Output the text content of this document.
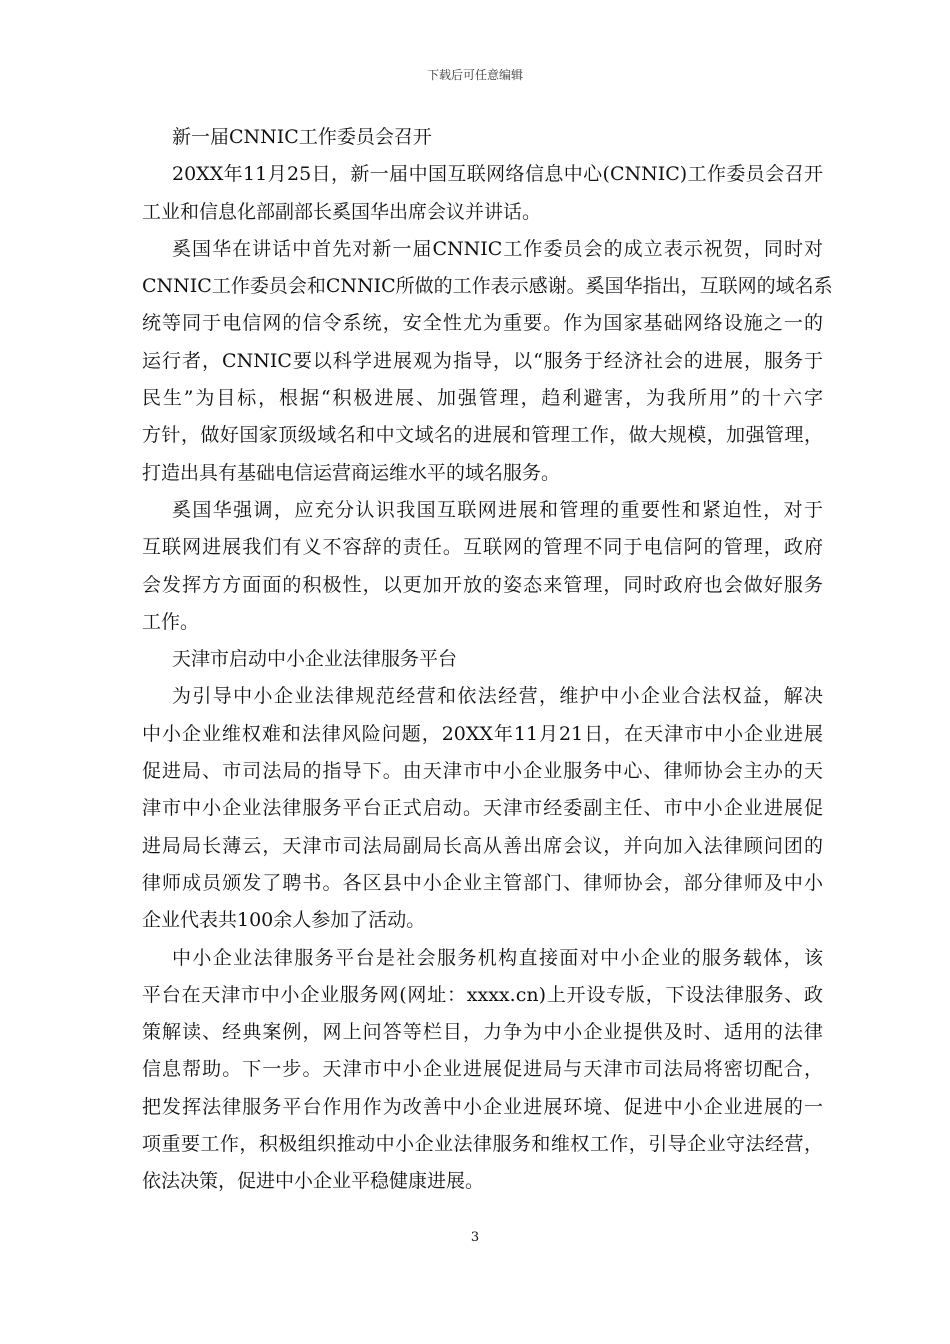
下载后可任意编辑
新一届CNNIC工作委员会召开
20XX年11月25日，新一届中国互联网络信息中心(CNNIC)工作委员会召开
工业和信息化部副部长奚国华出席会议并讲话。
奚国华在讲话中首先对新一届CNNIC工作委员会的成立表示祝贺，同时对
CNNIC工作委员会和CNNIC所做的工作表示感谢。奚国华指出，互联网的域名系
统等同于电信网的信令系统，安全性尤为重要。作为国家基础网络设施之一的
运行者，CNNIC要以科学进展观为指导，以“服务于经济社会的进展，服务于
民生”为目标，根据“积极进展、加强管理，趋利避害，为我所用”的十六字
方针，做好国家顶级域名和中文域名的进展和管理工作，做大规模，加强管理，
打造出具有基础电信运营商运维水平的域名服务。
奚国华强调，应充分认识我国互联网进展和管理的重要性和紧迫性，对于
互联网进展我们有义不容辞的责任。互联网的管理不同于电信阿的管理，政府
会发挥方方面面的积极性，以更加开放的姿态来管理，同时政府也会做好服务
工作。
天津市启动中小企业法律服务平台
为引导中小企业法律规范经营和依法经营，维护中小企业合法权益，解决
中小企业维权难和法律风险问题，20XX年11月21日，在天津市中小企业进展
促进局、市司法局的指导下。由天津市中小企业服务中心、律师协会主办的天
津市中小企业法律服务平台正式启动。天津市经委副主任、市中小企业进展促
进局局长薄云，天津市司法局副局长高从善出席会议，并向加入法律顾问团的
律师成员颁发了聘书。各区县中小企业主管部门、律师协会，部分律师及中小
企业代表共100余人参加了活动。
中小企业法律服务平台是社会服务机构直接面对中小企业的服务载体，该
平台在天津市中小企业服务网(网址：xxxx.cn)上开设专版，下设法律服务、政
策解读、经典案例，网上问答等栏目，力争为中小企业提供及时、适用的法律
信息帮助。下一步。天津市中小企业进展促进局与天津市司法局将密切配合，
把发挥法律服务平台作用作为改善中小企业进展环境、促进中小企业进展的一
项重要工作，积极组织推动中小企业法律服务和维权工作，引导企业守法经营，
依法决策，促进中小企业平稳健康进展。
3
